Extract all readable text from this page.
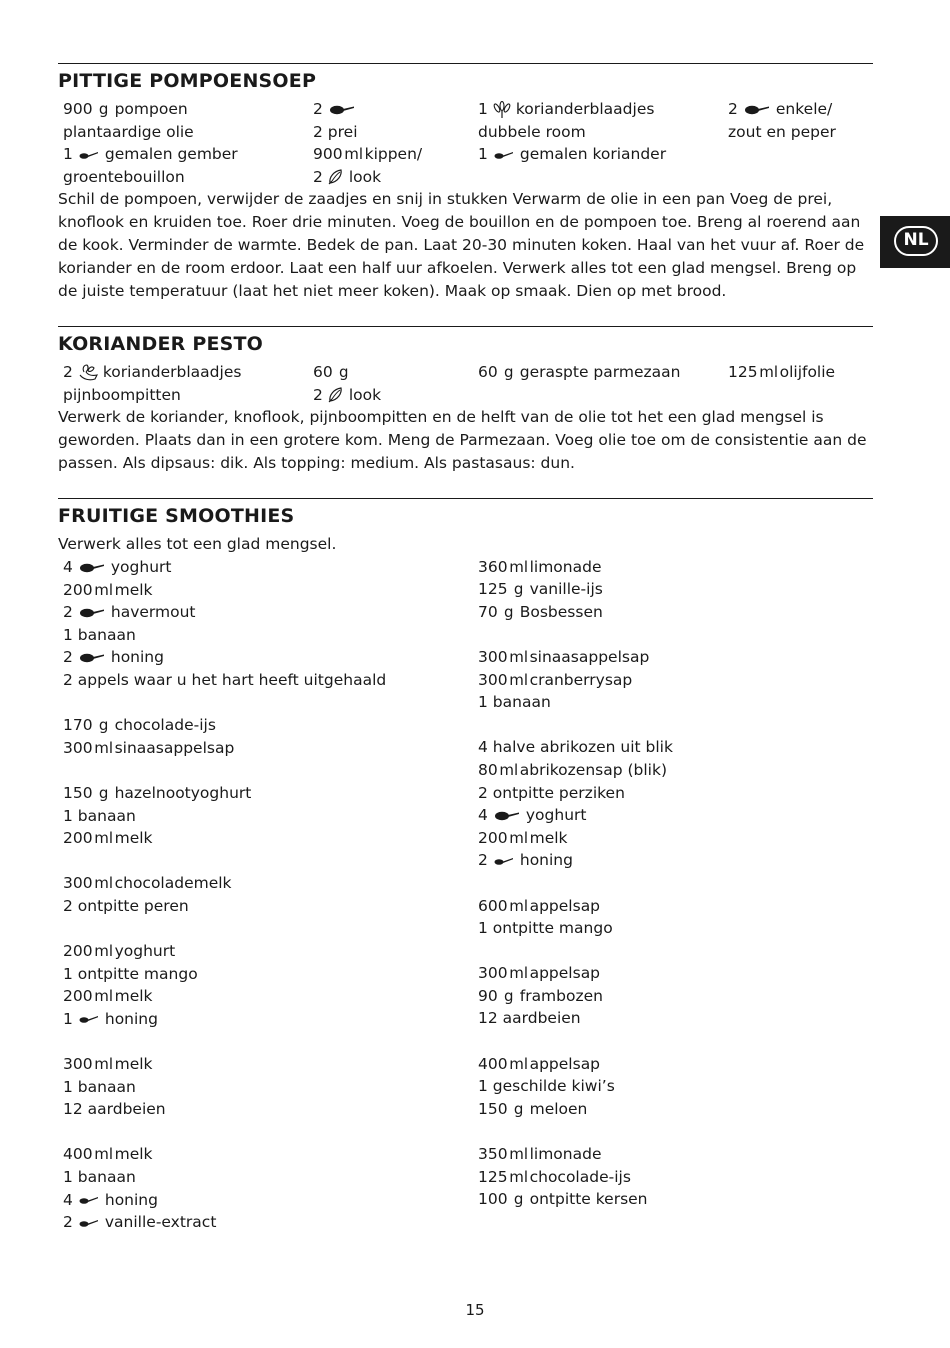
NL
PITTIGE POMPOENSOEP
900 g pompoen
plantaardige olie
1 gemalen gember
groentebouillon
2
2 prei
900 ml kippen/
2 look
1 korianderblaadjes
dubbele room
1 gemalen koriander
2 enkele/
zout en peper

Schil de pompoen, verwijder de zaadjes en snij in stukken Verwarm de olie in een pan Voeg de prei, knoflook en kruiden toe. Roer drie minuten. Voeg de bouillon en de pompoen toe. Breng al roerend aan de kook. Verminder de warmte. Bedek de pan. Laat 20-30 minuten koken. Haal van het vuur af. Roer de koriander en de room erdoor. Laat een half uur afkoelen. Verwerk alles tot een glad mengsel. Breng op de juiste temperatuur (laat het niet meer koken). Maak op smaak. Dien op met brood.

KORIANDER PESTO
2 korianderblaadjes
pijnboompitten
60 g
2 look
60 g geraspte parmezaan	125 ml olijfolie

Verwerk de koriander, knoflook, pijnboompitten en de helft van de olie tot het een glad mengsel is geworden. Plaats dan in een grotere kom. Meng de Parmezaan. Voeg olie toe om de consistentie aan de passen. Als dipsaus: dik. Als topping: medium. Als pastasaus: dun.

FRUITIGE SMOOTHIES
Verwerk alles tot een glad mengsel.
4 yoghurt
200 ml melk
2 havermout
1 banaan
2 honing
2 appels waar u het hart heeft uitgehaald
170 g chocolade-ijs
300 ml sinaasappelsap
150 g hazelnootyoghurt
1 banaan
200 ml melk
300 ml chocolademelk
2 ontpitte peren
200 ml yoghurt
1 ontpitte mango
200 ml melk
1 honing
300 ml melk
1 banaan
12 aardbeien
400 ml melk
1 banaan
4 honing
2 vanille-extract
360 ml limonade
125 g vanille-ijs
70 g Bosbessen
300 ml sinaasappelsap
300 ml cranberrysap
1 banaan
4 halve abrikozen uit blik
80 ml abrikozensap (blik)
2 ontpitte perziken
4 yoghurt
200 ml melk
2 honing
600 ml appelsap
1 ontpitte mango
300 ml appelsap
90 g frambozen
12 aardbeien
400 ml appelsap
1 geschilde kiwi’s
150 g meloen
350 ml limonade
125 ml chocolade-ijs
100 g ontpitte kersen
15
